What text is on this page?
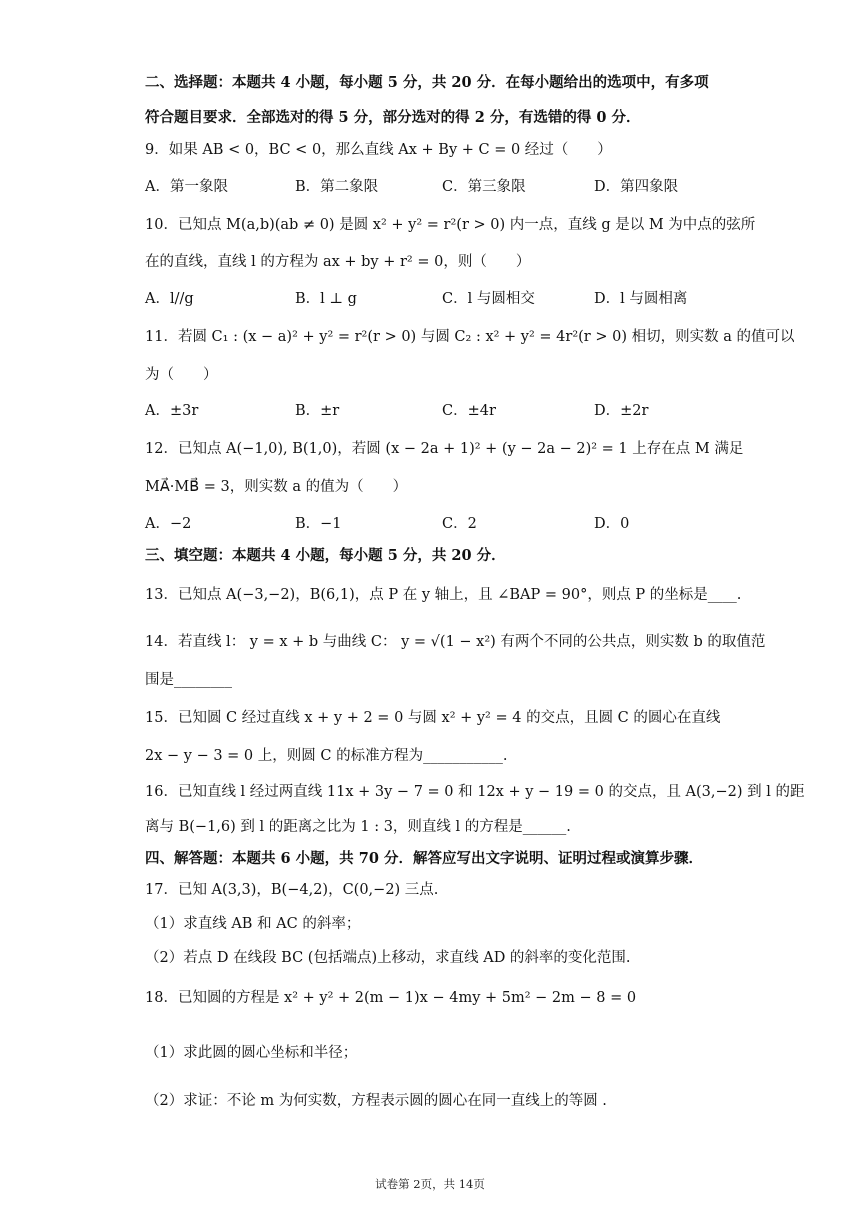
二、选择题：本题共 4 小题，每小题 5 分，共 20 分．在每小题给出的选项中，有多项
符合题目要求．全部选对的得 5 分，部分选对的得 2 分，有选错的得 0 分．
9．如果 AB < 0，BC < 0，那么直线 Ax + By + C = 0 经过（　　）
A．第一象限	B．第二象限	C．第三象限	D．第四象限
10．已知点 M(a,b)(ab ≠ 0) 是圆 x² + y² = r²(r > 0) 内一点，直线 g 是以 M 为中点的弦所
在的直线，直线 l 的方程为 ax + by + r² = 0，则（　　）
A．l//g	B．l ⊥ g	C．l 与圆相交	D．l 与圆相离
11．若圆 C₁ : (x − a)² + y² = r²(r > 0) 与圆 C₂ : x² + y² = 4r²(r > 0) 相切，则实数 a 的值可以
为（　　）
A．±3r	B．±r	C．±4r	D．±2r
12．已知点 A(−1,0), B(1,0)，若圆 (x − 2a + 1)² + (y − 2a − 2)² = 1 上存在点 M 满足
MA⃗·MB⃗ = 3，则实数 a 的值为（　　）
A．−2	B．−1	C．2	D．0
三、填空题：本题共 4 小题，每小题 5 分，共 20 分．
13．已知点 A(−3,−2)，B(6,1)，点 P 在 y 轴上，且 ∠BAP = 90°，则点 P 的坐标是____.
14．若直线 l： y = x + b 与曲线 C： y = √(1 − x²) 有两个不同的公共点，则实数 b 的取值范
围是________
15．已知圆 C 经过直线 x + y + 2 = 0 与圆 x² + y² = 4 的交点，且圆 C 的圆心在直线
2x − y − 3 = 0 上，则圆 C 的标准方程为___________.
16．已知直线 l 经过两直线 11x + 3y − 7 = 0 和 12x + y − 19 = 0 的交点，且 A(3,−2) 到 l 的距
离与 B(−1,6) 到 l 的距离之比为 1 : 3，则直线 l 的方程是______.
四、解答题：本题共 6 小题，共 70 分．解答应写出文字说明、证明过程或演算步骤．
17．已知 A(3,3)，B(−4,2)，C(0,−2) 三点.
（1）求直线 AB 和 AC 的斜率；
（2）若点 D 在线段 BC (包括端点)上移动，求直线 AD 的斜率的变化范围.
18．已知圆的方程是 x² + y² + 2(m − 1)x − 4my + 5m² − 2m − 8 = 0
（1）求此圆的圆心坐标和半径；
（2）求证：不论 m 为何实数，方程表示圆的圆心在同一直线上的等圆 .
试卷第 2页，共 14页
